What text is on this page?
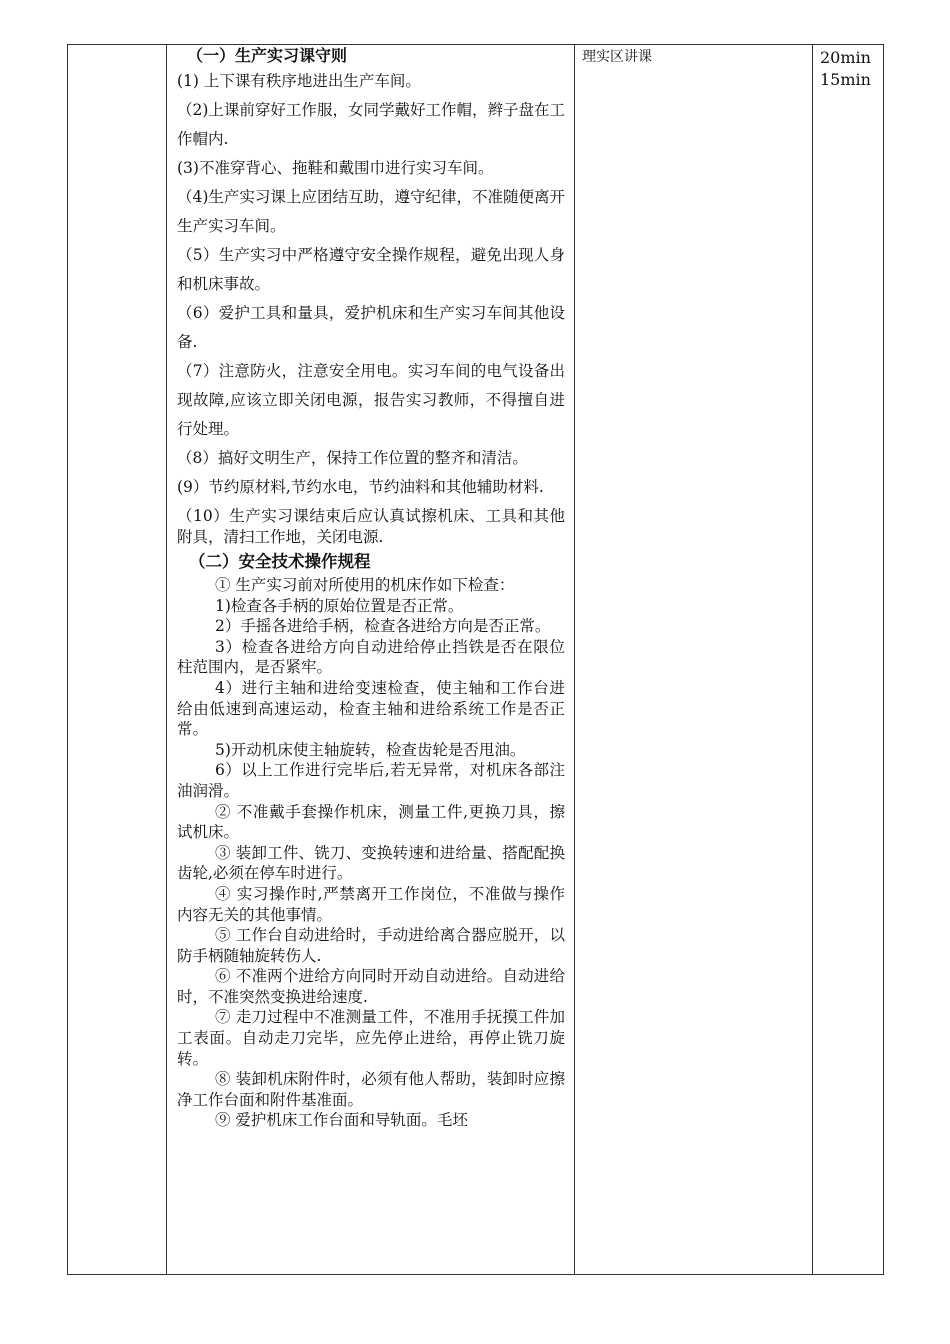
（一）生产实习课守则

(1) 上下课有秩序地进出生产车间。

（2)上课前穿好工作服，女同学戴好工作帽，辫子盘在工作帽内.

(3)不准穿背心、拖鞋和戴围巾进行实习车间。

（4)生产实习课上应团结互助，遵守纪律，不准随便离开生产实习车间。

（5）生产实习中严格遵守安全操作规程，避免出现人身和机床事故。

（6）爱护工具和量具，爱护机床和生产实习车间其他设备.

（7）注意防火，注意安全用电。实习车间的电气设备出现故障,应该立即关闭电源，报告实习教师，不得擅自进行处理。

（8）搞好文明生产，保持工作位置的整齐和清洁。

(9）节约原材料,节约水电，节约油料和其他辅助材料.

（10）生产实习课结束后应认真试擦机床、工具和其他附具，清扫工作地，关闭电源.

（二）安全技术操作规程

① 生产实习前对所使用的机床作如下检查：

1)检查各手柄的原始位置是否正常。

2）手摇各进给手柄，检查各进给方向是否正常。

3）检查各进给方向自动进给停止挡铁是否在限位柱范围内，是否紧牢。

4）进行主轴和进给变速检查，使主轴和工作台进给由低速到高速运动，检查主轴和进给系统工作是否正常。

5)开动机床使主轴旋转，检查齿轮是否甩油。

6）以上工作进行完毕后,若无异常，对机床各部注油润滑。

② 不准戴手套操作机床，测量工件,更换刀具，擦试机床。

③ 装卸工件、铣刀、变换转速和进给量、搭配配换齿轮,必须在停车时进行。

④ 实习操作时,严禁离开工作岗位，不准做与操作内容无关的其他事情。

⑤ 工作台自动进给时，手动进给离合器应脱开，以防手柄随轴旋转伤人.

⑥ 不准两个进给方向同时开动自动进给。自动进给时，不准突然变换进给速度.

⑦ 走刀过程中不准测量工件，不准用手抚摸工件加工表面。自动走刀完毕，应先停止进给，再停止铣刀旋转。

⑧ 装卸机床附件时，必须有他人帮助，装卸时应擦净工作台面和附件基准面。

⑨ 爱护机床工作台面和导轨面。毛坯

理实区讲课	20min
15min
